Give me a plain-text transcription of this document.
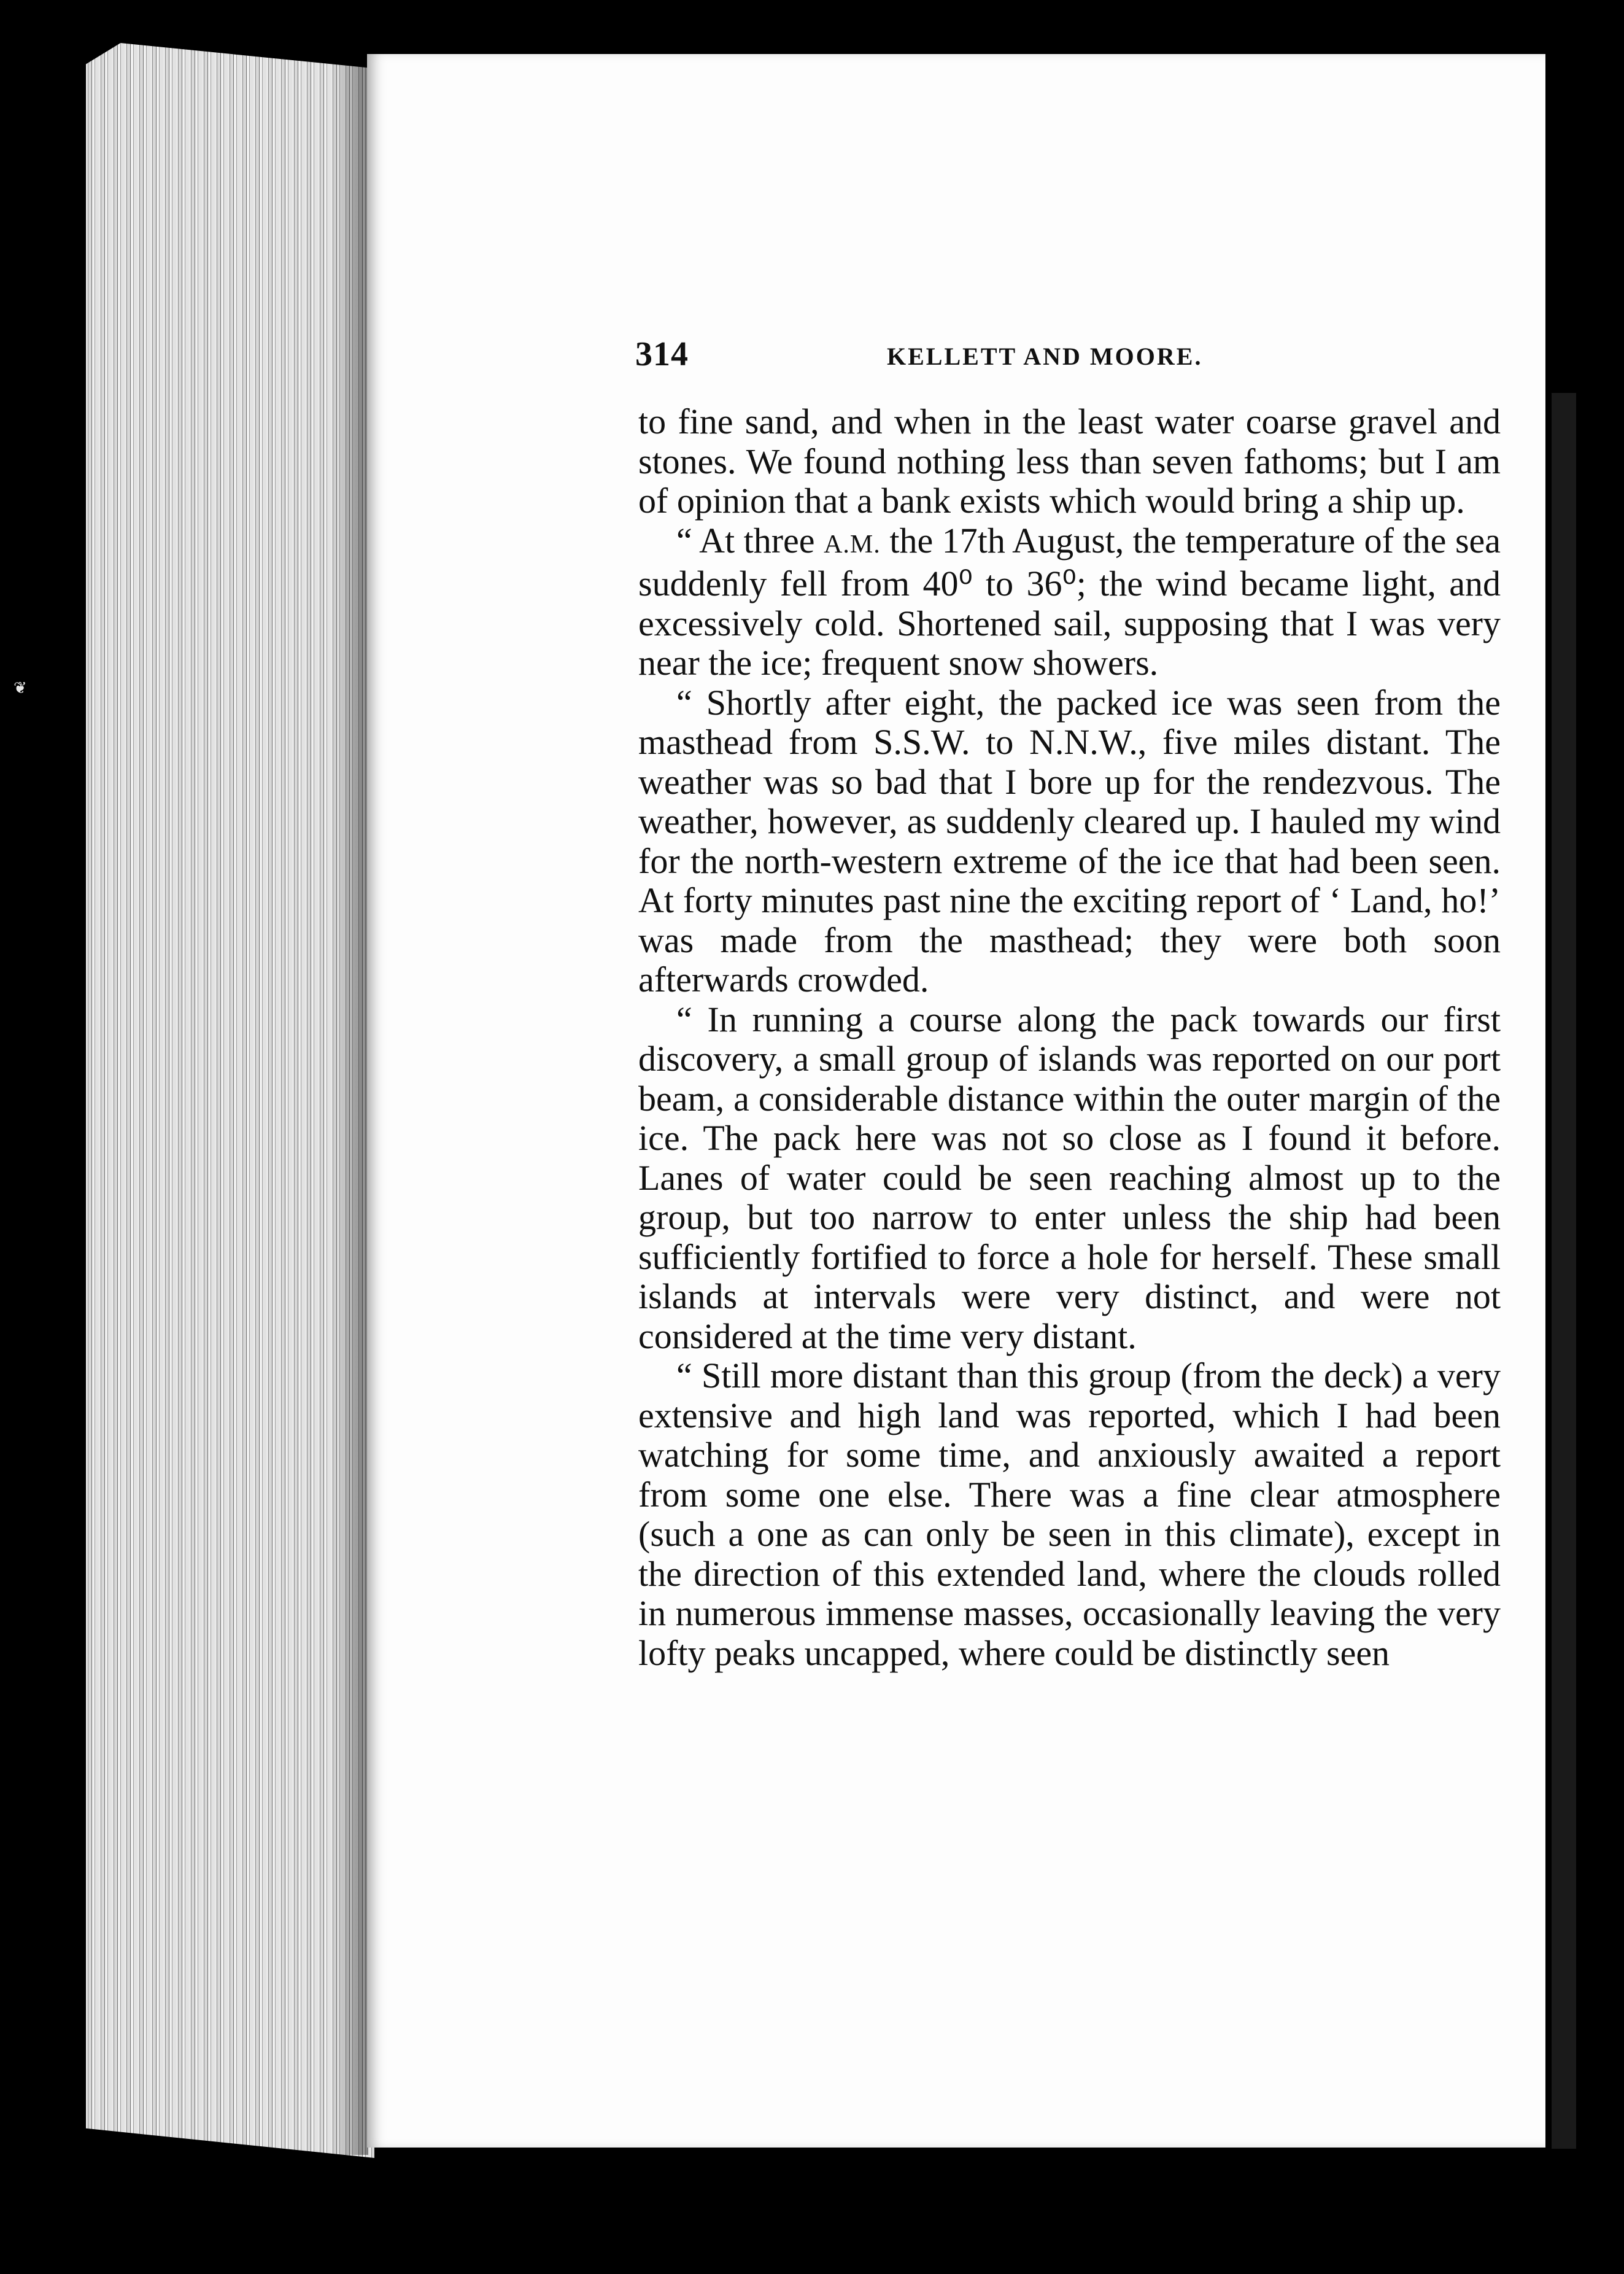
❦
314	KELLETT AND MOORE.

to fine sand, and when in the least water coarse gravel and stones. We found nothing less than seven fathoms; but I am of opinion that a bank exists which would bring a ship up.

“ At three A.M. the 17th August, the temperature of the sea suddenly fell from 40⁰ to 36⁰; the wind became light, and excessively cold. Shortened sail, supposing that I was very near the ice; frequent snow showers.

“ Shortly after eight, the packed ice was seen from the masthead from S.S.W. to N.N.W., five miles distant. The weather was so bad that I bore up for the rendezvous. The weather, however, as suddenly cleared up. I hauled my wind for the north-western extreme of the ice that had been seen. At forty minutes past nine the exciting report of ‘ Land, ho!’ was made from the masthead; they were both soon afterwards crowded.

“ In running a course along the pack towards our first discovery, a small group of islands was reported on our port beam, a considerable distance within the outer margin of the ice. The pack here was not so close as I found it before. Lanes of water could be seen reaching almost up to the group, but too narrow to enter unless the ship had been sufficiently fortified to force a hole for herself. These small islands at intervals were very distinct, and were not considered at the time very distant.

“ Still more distant than this group (from the deck) a very extensive and high land was reported, which I had been watching for some time, and anxiously awaited a report from some one else. There was a fine clear atmosphere (such a one as can only be seen in this climate), except in the direction of this extended land, where the clouds rolled in numerous immense masses, occasionally leaving the very lofty peaks uncapped, where could be distinctly seen
